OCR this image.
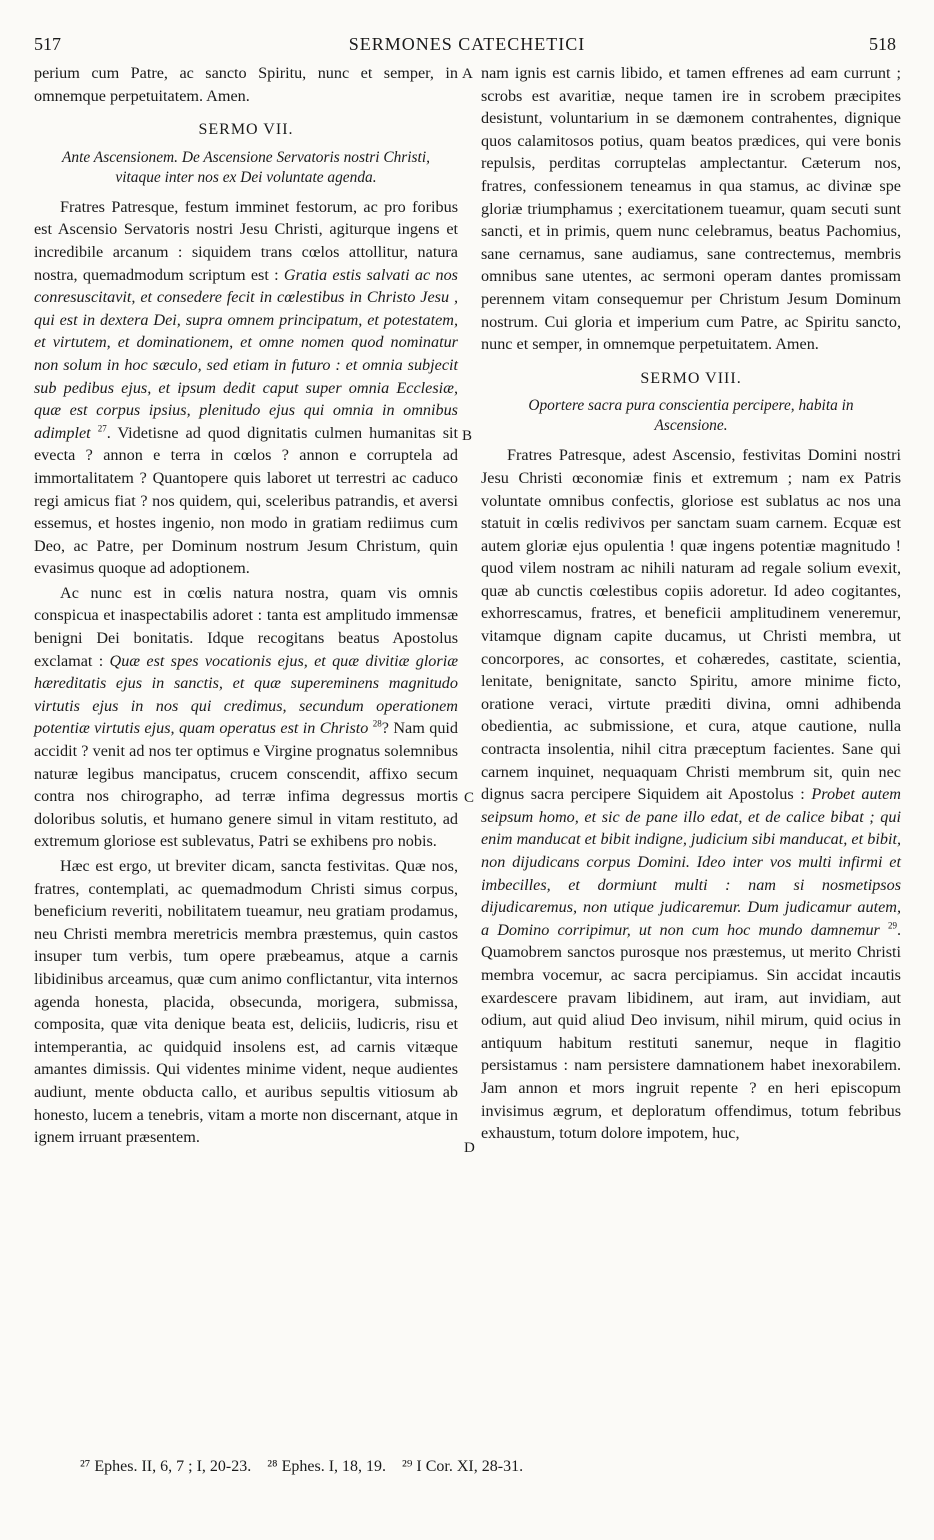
517	SERMONES CATECHETICI	518

perium cum Patre, ac sancto Spiritu, nunc et semper, in omnemque perpetuitatem. Amen.

SERMO VII.
Ante Ascensionem. De Ascensione Servatoris nostri Christi, vitaque inter nos ex Dei voluntate agenda.

Fratres Patresque, festum imminet festorum, ac pro foribus est Ascensio Servatoris nostri Jesu Christi, agiturque ingens et incredibile arcanum : siquidem trans cœlos attollitur, natura nostra, quemadmodum scriptum est : Gratia estis salvati ac nos conresuscitavit, et consedere fecit in cœlestibus in Christo Jesu , qui est in dextera Dei, supra omnem principatum, et potestatem, et virtutem, et dominationem, et omne nomen quod nominatur non solum in hoc sæculo, sed etiam in futuro : et omnia subjecit sub pedibus ejus, et ipsum dedit caput super omnia Ecclesiæ, quæ est corpus ipsius, plenitudo ejus qui omnia in omnibus adimplet $^{27}$. Videtisne ad quod dignitatis culmen humanitas sit evecta ? annon e terra in cœlos ? annon e corruptela ad immortalitatem ? Quantopere quis laboret ut terrestri ac caduco regi amicus fiat ? nos quidem, qui, sceleribus patrandis, et aversi essemus, et hostes ingenio, non modo in gratiam rediimus cum Deo, ac Patre, per Dominum nostrum Jesum Christum, quin evasimus quoque ad adoptionem.

Ac nunc est in cœlis natura nostra, quam vis omnis conspicua et inaspectabilis adoret : tanta est amplitudo immensæ benigni Dei bonitatis. Idque recogitans beatus Apostolus exclamat : Quæ est spes vocationis ejus, et quæ divitiæ gloriæ hæreditatis ejus in sanctis, et quæ supereminens magnitudo virtutis ejus in nos qui credimus, secundum operationem potentiæ virtutis ejus, quam operatus est in Christo $^{28}$? Nam quid accidit ? venit ad nos ter optimus e Virgine prognatus solemnibus naturæ legibus mancipatus, crucem conscendit, affixo secum contra nos chirographo, ad terræ infima degressus mortis doloribus solutis, et humano genere simul in vitam restituto, ad extremum gloriose est sublevatus, Patri se exhibens pro nobis.

Hæc est ergo, ut breviter dicam, sancta festivitas. Quæ nos, fratres, contemplati, ac quemadmodum Christi simus corpus, beneficium reveriti, nobilitatem tueamur, neu gratiam prodamus, neu Christi membra meretricis membra præstemus, quin castos insuper tum verbis, tum opere præbeamus, atque a carnis libidinibus arceamus, quæ cum animo conflictantur, vita internos agenda honesta, placida, obsecunda, morigera, submissa, composita, quæ vita denique beata est, deliciis, ludicris, risu et intemperantia, ac quidquid insolens est, ad carnis vitæque amantes dimissis. Qui videntes minime vident, neque audientes audiunt, mente obducta callo, et auribus sepultis vitiosum ab honesto, lucem a tenebris, vitam a morte non discernant, atque in ignem irruant præsentem.

A
B
C
D

nam ignis est carnis libido, et tamen effrenes ad eam currunt ; scrobs est avaritiæ, neque tamen ire in scrobem præcipites desistunt, voluntarium in se dæmonem contrahentes, dignique quos calamitosos potius, quam beatos prædices, qui vere bonis repulsis, perditas corruptelas amplectantur. Cæterum nos, fratres, confessionem teneamus in qua stamus, ac divinæ spe gloriæ triumphamus ; exercitationem tueamur, quam secuti sunt sancti, et in primis, quem nunc celebramus, beatus Pachomius, sane cernamus, sane audiamus, sane contrectemus, membris omnibus sane utentes, ac sermoni operam dantes promissam perennem vitam consequemur per Christum Jesum Dominum nostrum. Cui gloria et imperium cum Patre, ac Spiritu sancto, nunc et semper, in omnemque perpetuitatem. Amen.

SERMO VIII.
Oportere sacra pura conscientia percipere, habita in Ascensione.

Fratres Patresque, adest Ascensio, festivitas Domini nostri Jesu Christi œconomiæ finis et extremum ; nam ex Patris voluntate omnibus confectis, gloriose est sublatus ac nos una statuit in cœlis redivivos per sanctam suam carnem. Ecquæ est autem gloriæ ejus opulentia ! quæ ingens potentiæ magnitudo ! quod vilem nostram ac nihili naturam ad regale solium evexit, quæ ab cunctis cœlestibus copiis adoretur. Id adeo cogitantes, exhorrescamus, fratres, et beneficii amplitudinem veneremur, vitamque dignam capite ducamus, ut Christi membra, ut concorpores, ac consortes, et cohæredes, castitate, scientia, lenitate, benignitate, sancto Spiritu, amore minime ficto, oratione veraci, virtute præditi divina, omni adhibenda obedientia, ac submissione, et cura, atque cautione, nulla contracta insolentia, nihil citra præceptum facientes. Sane qui carnem inquinet, nequaquam Christi membrum sit, quin nec dignus sacra percipere Siquidem ait Apostolus : Probet autem seipsum homo, et sic de pane illo edat, et de calice bibat ; qui enim manducat et bibit indigne, judicium sibi manducat, et bibit, non dijudicans corpus Domini. Ideo inter vos multi infirmi et imbecilles, et dormiunt multi : nam si nosmetipsos dijudicaremus, non utique judicaremur. Dum judicamur autem, a Domino corripimur, ut non cum hoc mundo damnemur $^{29}$. Quamobrem sanctos purosque nos præstemus, ut merito Christi membra vocemur, ac sacra percipiamus. Sin accidat incautis exardescere pravam libidinem, aut iram, aut invidiam, aut odium, aut quid aliud Deo invisum, nihil mirum, quid ocius in antiquum habitum restituti sanemur, neque in flagitio persistamus : nam persistere damnationem habet inexorabilem. Jam annon et mors ingruit repente ? en heri episcopum invisimus ægrum, et deploratum offendimus, totum febribus exhaustum, totum dolore impotem, huc,

²⁷ Ephes. II, 6, 7 ; I, 20-23. ²⁸ Ephes. I, 18, 19. ²⁹ I Cor. XI, 28-31.
